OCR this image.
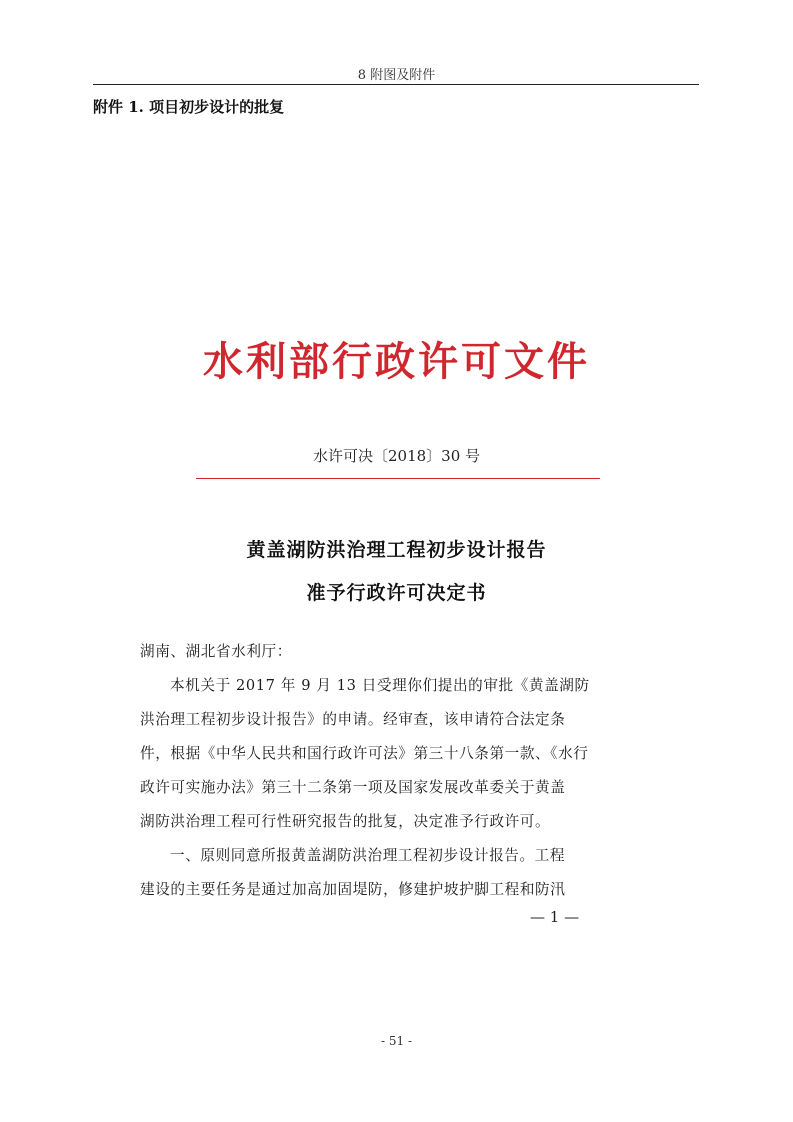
8 附图及附件
附件 1. 项目初步设计的批复
水利部行政许可文件
水许可决〔2018〕30 号
黄盖湖防洪治理工程初步设计报告
准予行政许可决定书
湖南、湖北省水利厅：
本机关于 2017 年 9 月 13 日受理你们提出的审批《黄盖湖防
洪治理工程初步设计报告》的申请。经审查，该申请符合法定条
件，根据《中华人民共和国行政许可法》第三十八条第一款、《水行
政许可实施办法》第三十二条第一项及国家发展改革委关于黄盖
湖防洪治理工程可行性研究报告的批复，决定准予行政许可。
一、原则同意所报黄盖湖防洪治理工程初步设计报告。工程
建设的主要任务是通过加高加固堤防，修建护坡护脚工程和防汛
— 1 —
- 51 -
